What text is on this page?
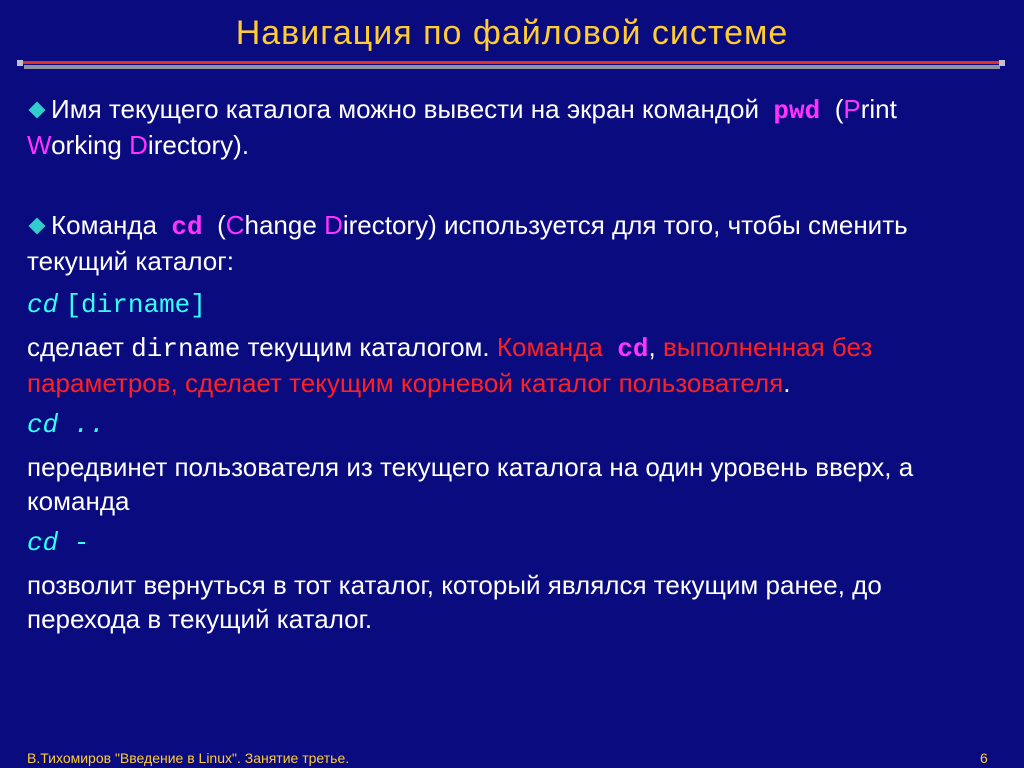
Навигация по файловой системе
Имя текущего каталога можно вывести на экран командой pwd (Print Working Directory).
Команда cd (Change Directory) используется для того, чтобы сменить текущий каталог:
cd [dirname]
сделает dirname текущим каталогом. Команда cd, выполненная без параметров, сделает текущим корневой каталог пользователя.
cd ..
передвинет пользователя из текущего каталога на один уровень вверх, а команда
cd -
позволит вернуться в тот каталог, который являлся текущим ранее, до перехода в текущий каталог.
В.Тихомиров "Введение в Linux". Занятие третье.	6
